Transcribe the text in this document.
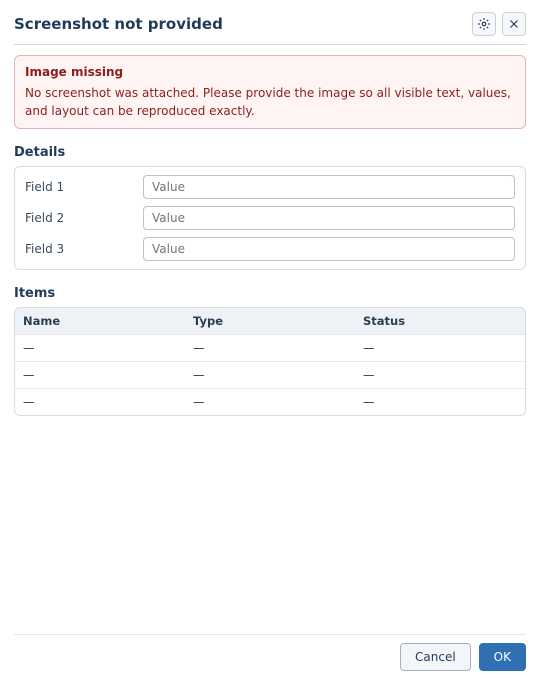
Screenshot not provided
Image missing
No screenshot was attached. Please provide the image so all visible text, values, and layout can be reproduced exactly.
Details
Field 1
Value
Field 2
Value
Field 3
Value
Items
Name	Type	Status
—	—	—
—	—	—
—	—	—
Cancel	OK
